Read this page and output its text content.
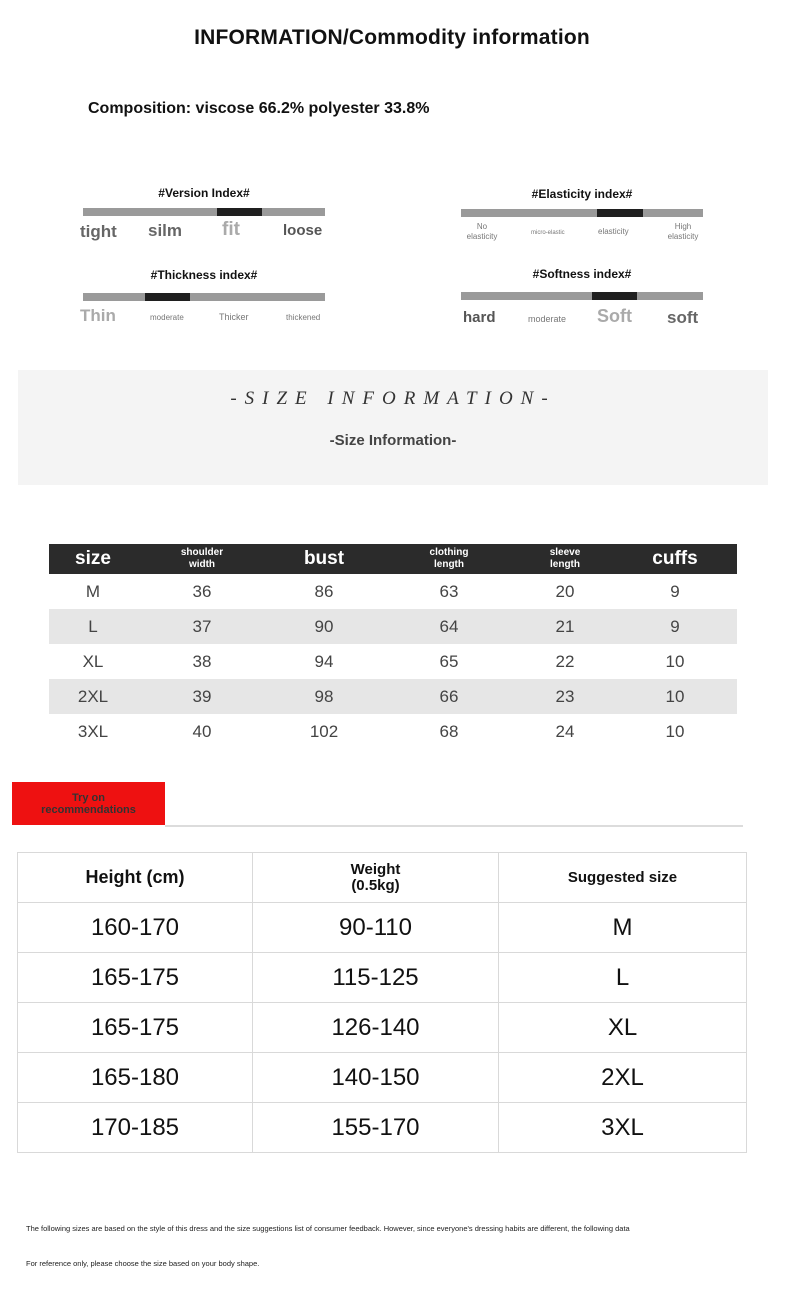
INFORMATION/Commodity information
Composition: viscose 66.2% polyester 33.8%
#Version Index#
tight silm fit	loose
#Elasticity index#
No elasticity	micro-elastic	elasticity
High elasticity
#Thickness index#
Thin	moderate	Thicker	thickened
#Softness index#
hard	moderate Soft soft
-SIZE INFORMATION-
-Size Information-
size	shoulder width	bust	clothing length	sleeve length	cuffs
M	36	86	63	20	9
L	37	90	64	21	9
XL	38	94	65	22	10
2XL	39	98	66	23	10
3XL	40	102	68	24	10
Try on recommendations
Height (cm)	Weight (0.5kg)	Suggested size
160-170	90-110	M
165-175	115-125	L
165-175	126-140	XL
165-180	140-150	2XL
170-185	155-170	3XL
The following sizes are based on the style of this dress and the size suggestions list of consumer feedback. However, since everyone's dressing habits are different, the following data
For reference only, please choose the size based on your body shape.
